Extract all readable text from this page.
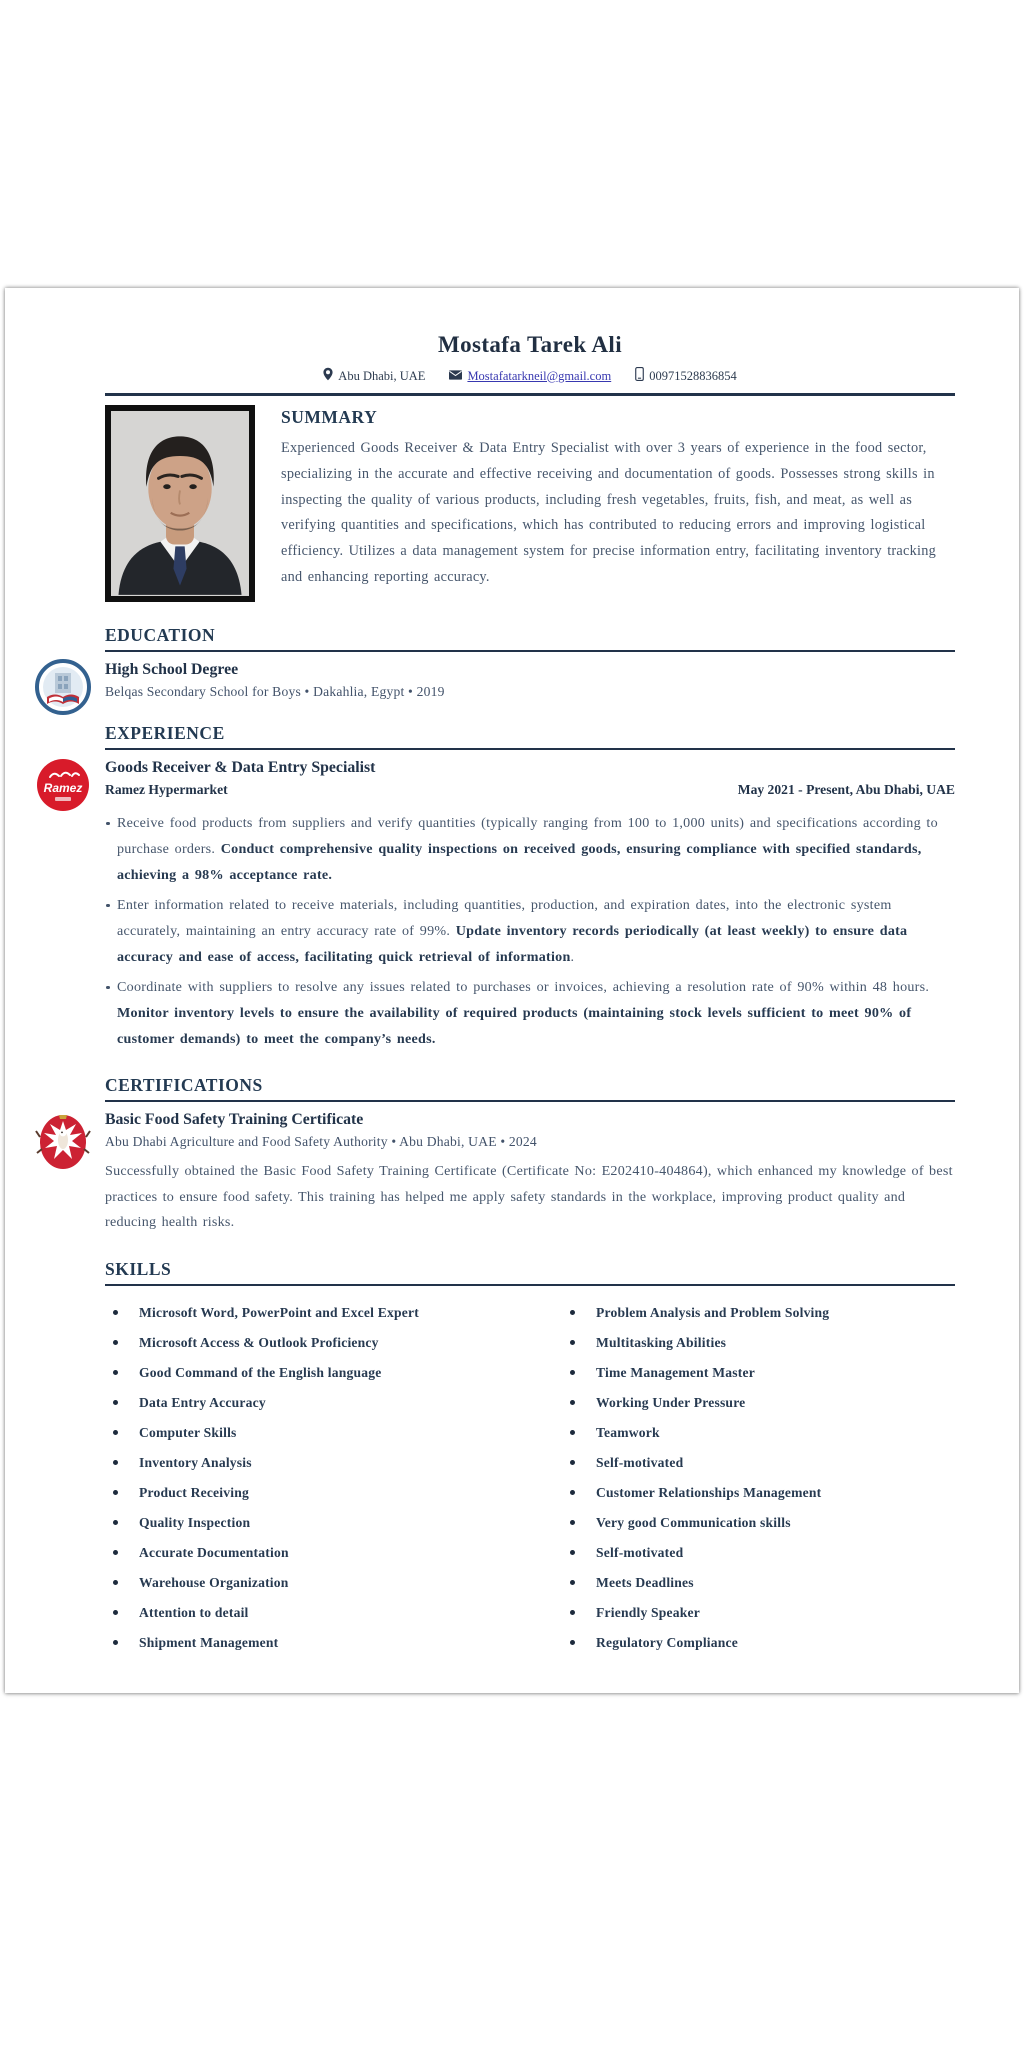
Mostafa Tarek Ali
Abu Dhabi, UAE	Mostafatarkneil@gmail.com	00971528836854
SUMMARY

Experienced Goods Receiver & Data Entry Specialist with over 3 years of experience in the food sector, specializing in the accurate and effective receiving and documentation of goods. Possesses strong skills in inspecting the quality of various products, including fresh vegetables, fruits, fish, and meat, as well as verifying quantities and specifications, which has contributed to reducing errors and improving logistical efficiency. Utilizes a data management system for precise information entry, facilitating inventory tracking and enhancing reporting accuracy.

EDUCATION
High School Degree

Belqas Secondary School for Boys • Dakahlia, Egypt • 2019

EXPERIENCE
Ramez
Goods Receiver & Data Entry Specialist
Ramez Hypermarket	May 2021 - Present, Abu Dhabi, UAE
Receive food products from suppliers and verify quantities (typically ranging from 100 to 1,000 units) and specifications according to purchase orders. Conduct comprehensive quality inspections on received goods, ensuring compliance with specified standards, achieving a 98% acceptance rate.
Enter information related to receive materials, including quantities, production, and expiration dates, into the electronic system accurately, maintaining an entry accuracy rate of 99%. Update inventory records periodically (at least weekly) to ensure data accuracy and ease of access, facilitating quick retrieval of information.
Coordinate with suppliers to resolve any issues related to purchases or invoices, achieving a resolution rate of 90% within 48 hours. Monitor inventory levels to ensure the availability of required products (maintaining stock levels sufficient to meet 90% of customer demands) to meet the company’s needs.
CERTIFICATIONS
Basic Food Safety Training Certificate

Abu Dhabi Agriculture and Food Safety Authority • Abu Dhabi, UAE • 2024

Successfully obtained the Basic Food Safety Training Certificate (Certificate No: E202410-404864), which enhanced my knowledge of best practices to ensure food safety. This training has helped me apply safety standards in the workplace, improving product quality and reducing health risks.

SKILLS
Microsoft Word, PowerPoint and Excel Expert
Microsoft Access & Outlook Proficiency
Good Command of the English language
Data Entry Accuracy
Computer Skills
Inventory Analysis
Product Receiving
Quality Inspection
Accurate Documentation
Warehouse Organization
Attention to detail
Shipment Management
Problem Analysis and Problem Solving
Multitasking Abilities
Time Management Master
Working Under Pressure
Teamwork
Self-motivated
Customer Relationships Management
Very good Communication skills
Self-motivated
Meets Deadlines
Friendly Speaker
Regulatory Compliance
